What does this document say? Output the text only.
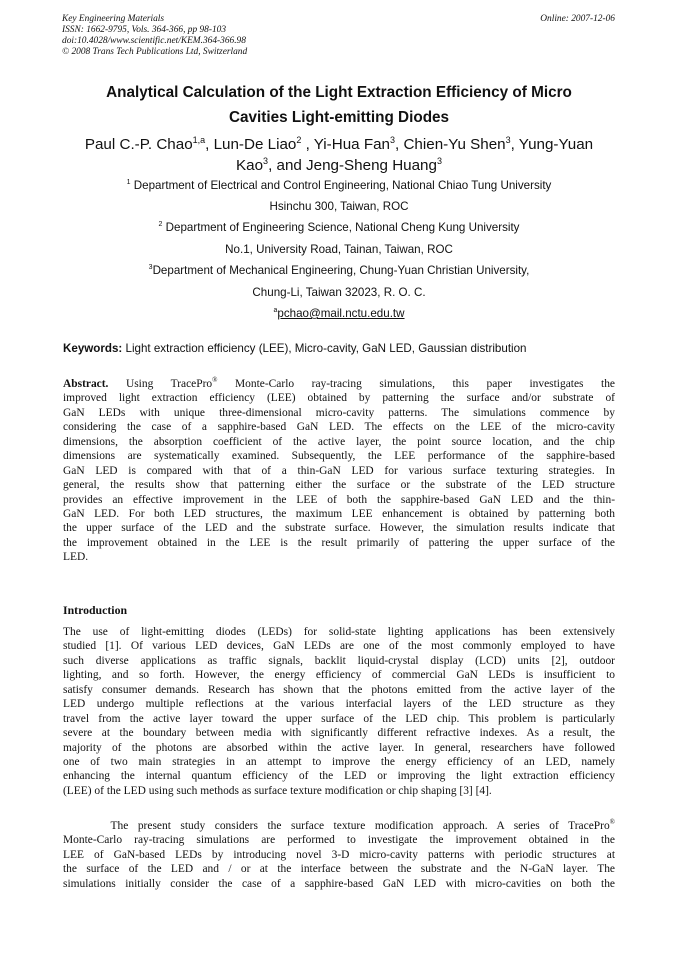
Key Engineering Materials
ISSN: 1662-9795, Vols. 364-366, pp 98-103
doi:10.4028/www.scientific.net/KEM.364-366.98
© 2008 Trans Tech Publications Ltd, Switzerland
Online: 2007-12-06
Analytical Calculation of the Light Extraction Efficiency of Micro
Cavities Light-emitting Diodes
Paul C.-P. Chao$^{1,a}$, Lun-De Liao$^2$ , Yi-Hua Fan$^3$, Chien-Yu Shen$^3$, Yung-Yuan
Kao$^3$, and Jeng-Sheng Huang$^3$
$^1$ Department of Electrical and Control Engineering, National Chiao Tung University
Hsinchu 300, Taiwan, ROC
$^2$ Department of Engineering Science, National Cheng Kung University
No.1, University Road, Tainan, Taiwan, ROC
$^3$Department of Mechanical Engineering, Chung-Yuan Christian University,
Chung-Li, Taiwan 32023, R. O. C.
$^a$pchao@mail.nctu.edu.tw
Keywords: Light extraction efficiency (LEE), Micro-cavity, GaN LED, Gaussian distribution
Abstract. Using TracePro® Monte-Carlo ray-tracing simulations, this paper investigates the
improved light extraction efficiency (LEE) obtained by patterning the surface and/or substrate of
GaN LEDs with unique three-dimensional micro-cavity patterns. The simulations commence by
considering the case of a sapphire-based GaN LED. The effects on the LEE of the micro-cavity
dimensions, the absorption coefficient of the active layer, the point source location, and the chip
dimensions are systematically examined. Subsequently, the LEE performance of the sapphire-based
GaN LED is compared with that of a thin-GaN LED for various surface texturing strategies. In
general, the results show that patterning either the surface or the substrate of the LED structure
provides an effective improvement in the LEE of both the sapphire-based GaN LED and the thin-
GaN LED. For both LED structures, the maximum LEE enhancement is obtained by patterning both
the upper surface of the LED and the substrate surface. However, the simulation results indicate that
the improvement obtained in the LEE is the result primarily of pattering the upper surface of the
LED.
Introduction
The use of light-emitting diodes (LEDs) for solid-state lighting applications has been extensively
studied [1]. Of various LED devices, GaN LEDs are one of the most commonly employed to have
such diverse applications as traffic signals, backlit liquid-crystal display (LCD) units [2], outdoor
lighting, and so forth. However, the energy efficiency of commercial GaN LEDs is insufficient to
satisfy consumer demands. Research has shown that the photons emitted from the active layer of the
LED undergo multiple reflections at the various interfacial layers of the LED structure as they
travel from the active layer toward the upper surface of the LED chip. This problem is particularly
severe at the boundary between media with significantly different refractive indexes. As a result, the
majority of the photons are absorbed within the active layer. In general, researchers have followed
one of two main strategies in an attempt to improve the energy efficiency of an LED, namely
enhancing the internal quantum efficiency of the LED or improving the light extraction efficiency
(LEE) of the LED using such methods as surface texture modification or chip shaping [3] [4].
The present study considers the surface texture modification approach. A series of TracePro®
Monte-Carlo ray-tracing simulations are performed to investigate the improvement obtained in the
LEE of GaN-based LEDs by introducing novel 3-D micro-cavity patterns with periodic structures at
the surface of the LED and / or at the interface between the substrate and the N-GaN layer. The
simulations initially consider the case of a sapphire-based GaN LED with micro-cavities on both the
